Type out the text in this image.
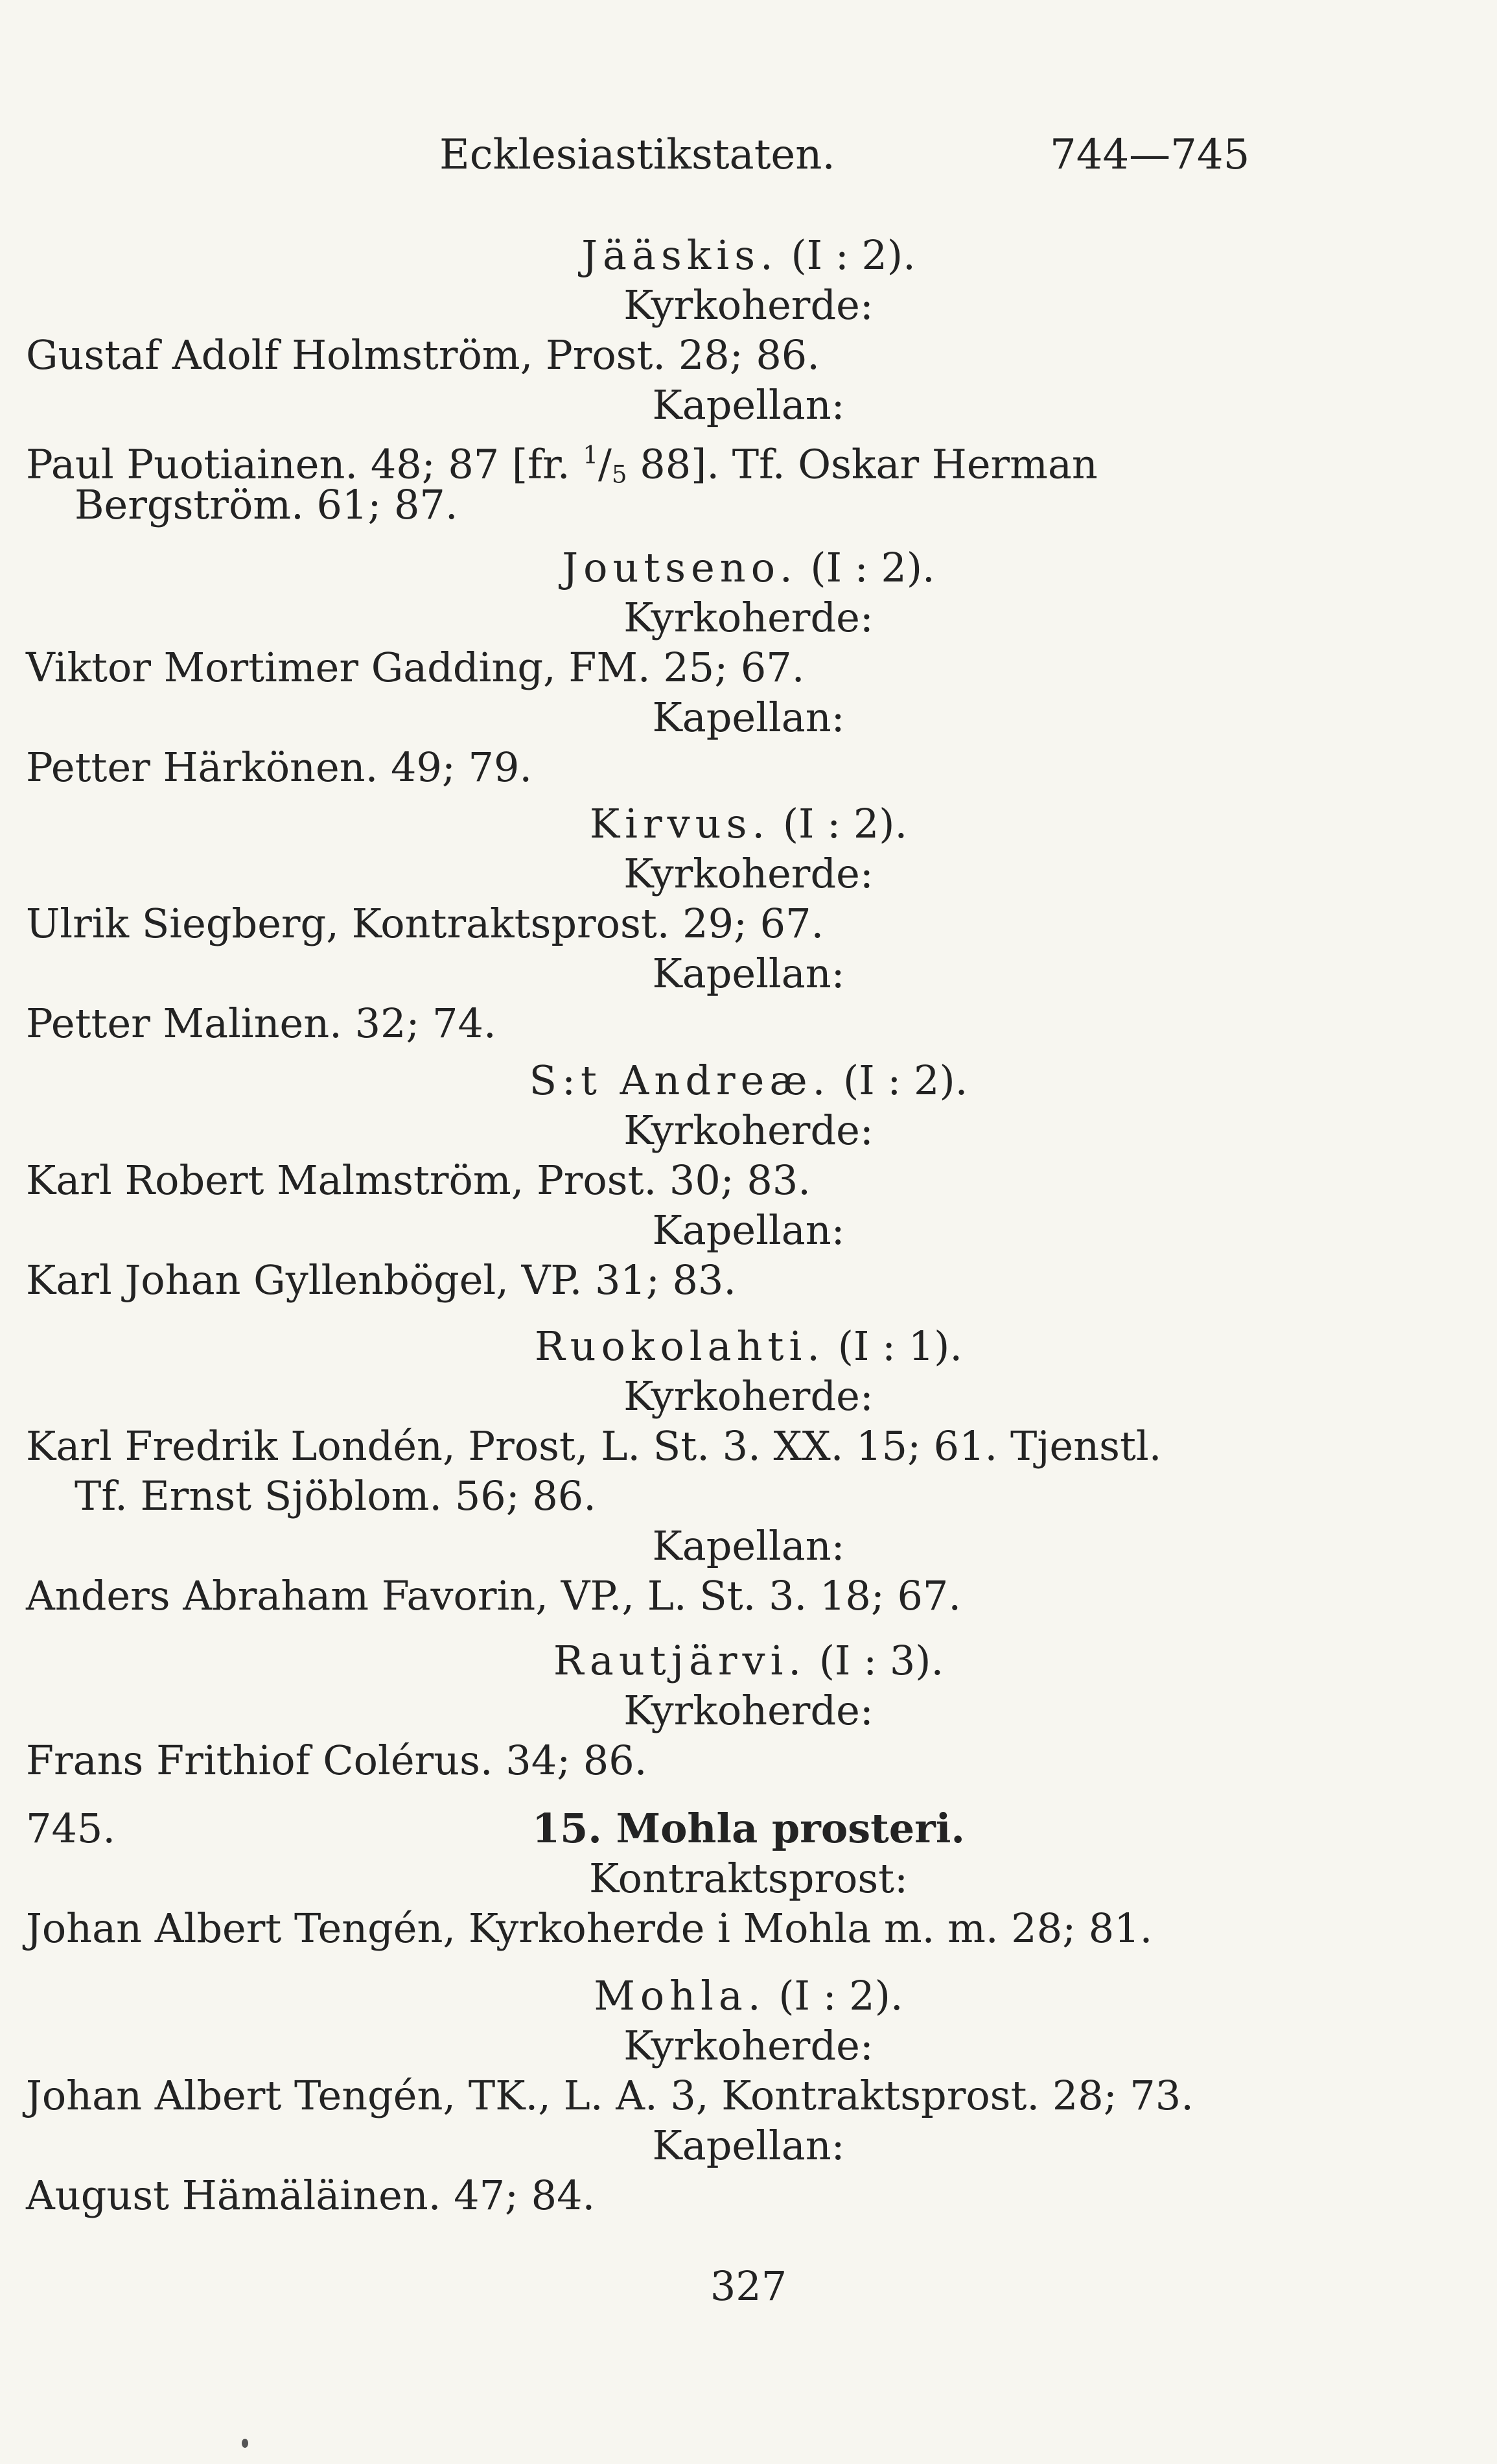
Ecklesiastikstaten.	744—745
Jääskis. (I : 2).
Kyrkoherde:
Gustaf Adolf Holmström, Prost. 28; 86.
Kapellan:
Paul Puotiainen. 48; 87 [fr. $^1/_5$ 88]. Tf. Oskar Herman
Bergström. 61; 87.
Joutseno. (I : 2).
Kyrkoherde:
Viktor Mortimer Gadding, FM. 25; 67.
Kapellan:
Petter Härkönen. 49; 79.
Kirvus. (I : 2).
Kyrkoherde:
Ulrik Siegberg, Kontraktsprost. 29; 67.
Kapellan:
Petter Malinen. 32; 74.
S:t Andreæ. (I : 2).
Kyrkoherde:
Karl Robert Malmström, Prost. 30; 83.
Kapellan:
Karl Johan Gyllenbögel, VP. 31; 83.
Ruokolahti. (I : 1).
Kyrkoherde:
Karl Fredrik Londén, Prost, L. St. 3. XX. 15; 61. Tjenstl.
Tf. Ernst Sjöblom. 56; 86.
Kapellan:
Anders Abraham Favorin, VP., L. St. 3. 18; 67.
Rautjärvi. (I : 3).
Kyrkoherde:
Frans Frithiof Colérus. 34; 86.
745.	15. Mohla prosteri.
Kontraktsprost:
Johan Albert Tengén, Kyrkoherde i Mohla m. m. 28; 81.
Mohla. (I : 2).
Kyrkoherde:
Johan Albert Tengén, TK., L. A. 3, Kontraktsprost. 28; 73.
Kapellan:
August Hämäläinen. 47; 84.
327
